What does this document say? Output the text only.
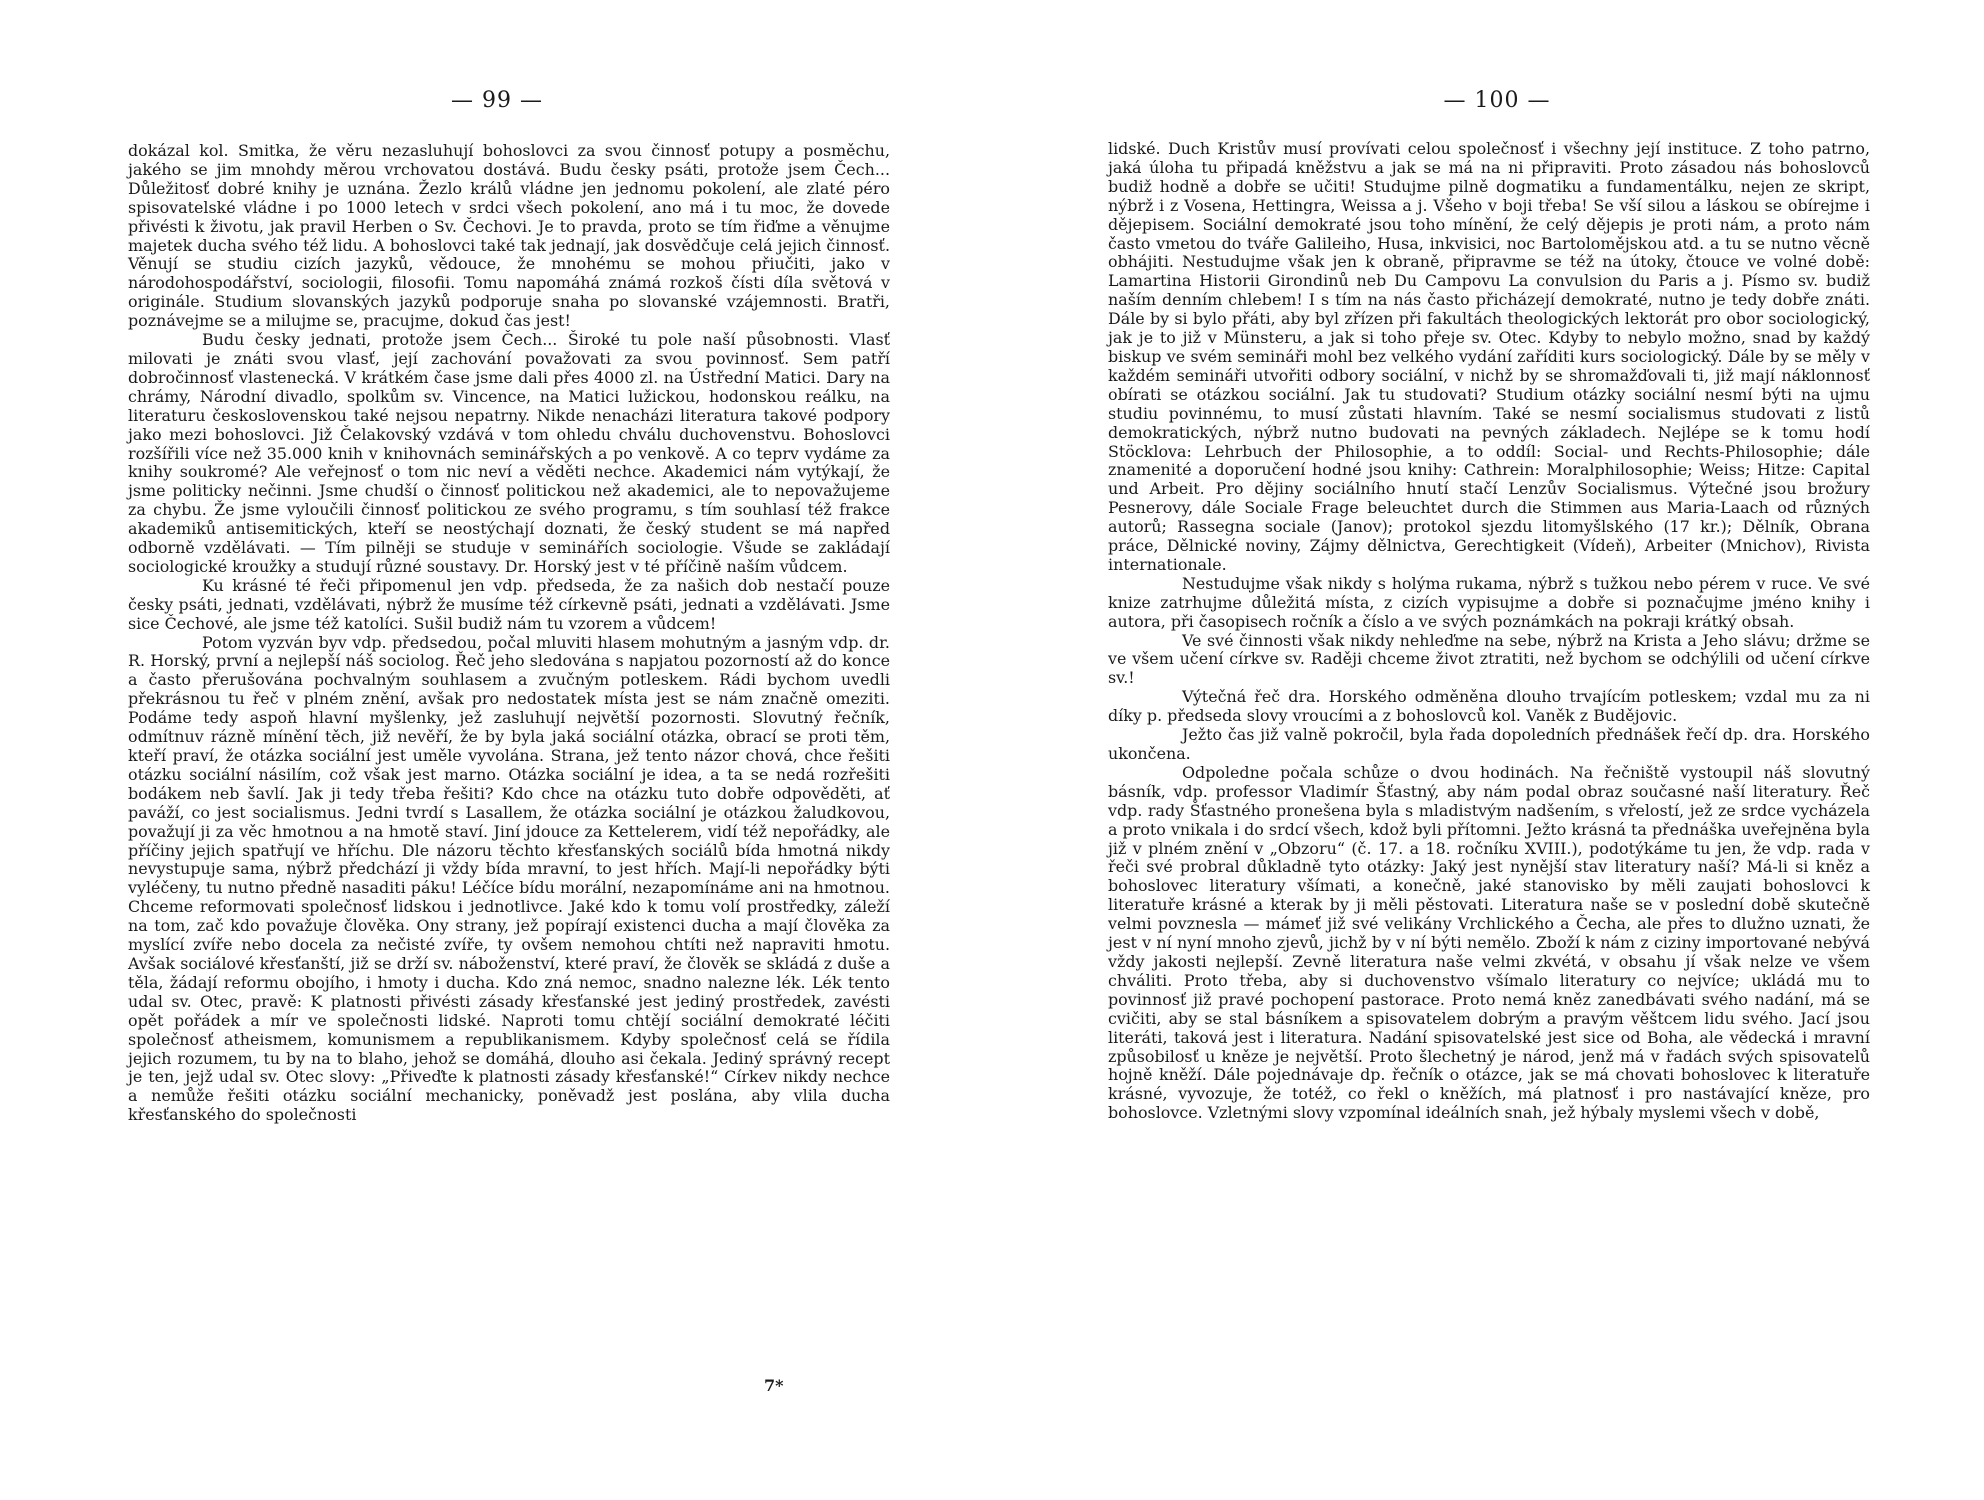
— 99 —

dokázal kol. Smitka, že věru nezasluhují bohoslovci za svou činnosť potupy a posměchu, jakého se jim mnohdy měrou vrchovatou dostává. Budu česky psáti, protože jsem Čech... Důležitosť dobré knihy je uznána. Žezlo králů vládne jen jednomu pokolení, ale zlaté péro spisovatelské vládne i po 1000 letech v srdci všech pokolení, ano má i tu moc, že dovede přivésti k životu, jak pravil Herben o Sv. Čechovi. Je to pravda, proto se tím řiďme a věnujme majetek ducha svého též lidu. A bohoslovci také tak jednají, jak dosvědčuje celá jejich činnosť. Věnují se studiu cizích jazyků, vědouce, že mnohému se mohou přiučiti, jako v národohospodářství, sociologii, filosofii. Tomu napomáhá známá rozkoš čísti díla světová v originále. Studium slovanských jazyků podporuje snaha po slovanské vzájemnosti. Bratři, poznávejme se a milujme se, pracujme, dokud čas jest!

Budu česky jednati, protože jsem Čech... Široké tu pole naší působnosti. Vlasť milovati je znáti svou vlasť, její zachování považovati za svou povinnosť. Sem patří dobročinnosť vlastenecká. V krátkém čase jsme dali přes 4000 zl. na Ústřední Matici. Dary na chrámy, Národní divadlo, spolkům sv. Vincence, na Matici lužickou, hodonskou reálku, na literaturu československou také nejsou nepatrny. Nikde nenacházi literatura takové podpory jako mezi bohoslovci. Již Čelakovský vzdává v tom ohledu chválu duchovenstvu. Bohoslovci rozšířili více než 35.000 knih v knihovnách seminářských a po venkově. A co teprv vydáme za knihy soukromé? Ale veřejnosť o tom nic neví a věděti nechce. Akademici nám vytýkají, že jsme politicky nečinni. Jsme chudší o činnosť politickou než akademici, ale to nepovažujeme za chybu. Že jsme vyloučili činnosť politickou ze svého programu, s tím souhlasí též frakce akademiků antisemitických, kteří se neostýchají doznati, že český student se má napřed odborně vzdělávati. — Tím pilněji se studuje v seminářích sociologie. Všude se zakládají sociologické kroužky a studují různé soustavy. Dr. Horský jest v té příčině naším vůdcem.

Ku krásné té řeči připomenul jen vdp. předseda, že za našich dob nestačí pouze česky psáti, jednati, vzdělávati, nýbrž že musíme též církevně psáti, jednati a vzdělávati. Jsme sice Čechové, ale jsme též katolíci. Sušil budiž nám tu vzorem a vůdcem!

Potom vyzván byv vdp. předsedou, počal mluviti hlasem mohutným a jasným vdp. dr. R. Horský, první a nejlepší náš sociolog. Řeč jeho sledována s napjatou pozorností až do konce a často přerušována pochvalným souhlasem a zvučným potleskem. Rádi bychom uvedli překrásnou tu řeč v plném znění, avšak pro nedostatek místa jest se nám značně omeziti. Podáme tedy aspoň hlavní myšlenky, jež zasluhují největší pozornosti. Slovutný řečník, odmítnuv rázně mínění těch, již nevěří, že by byla jaká sociální otázka, obrací se proti těm, kteří praví, že otázka sociální jest uměle vyvolána. Strana, jež tento názor chová, chce řešiti otázku sociální násilím, což však jest marno. Otázka sociální je idea, a ta se nedá rozřešiti bodákem neb šavlí. Jak ji tedy třeba řešiti? Kdo chce na otázku tuto dobře odpověděti, ať paváží, co jest socialismus. Jedni tvrdí s Lasallem, že otázka sociální je otázkou žaludkovou, považují ji za věc hmotnou a na hmotě staví. Jiní jdouce za Kettelerem, vidí též nepořádky, ale příčiny jejich spatřují ve hříchu. Dle názoru těchto křesťanských sociálů bída hmotná nikdy nevystupuje sama, nýbrž předchází ji vždy bída mravní, to jest hřích. Mají-li nepořádky býti vyléčeny, tu nutno předně nasaditi páku! Léčíce bídu morální, nezapomínáme ani na hmotnou. Chceme reformovati společnosť lidskou i jednotlivce. Jaké kdo k tomu volí prostředky, záleží na tom, zač kdo považuje člověka. Ony strany, jež popírají existenci ducha a mají člověka za myslící zvíře nebo docela za nečisté zvíře, ty ovšem nemohou chtíti než napraviti hmotu. Avšak sociálové křesťanští, již se drží sv. náboženství, které praví, že člověk se skládá z duše a těla, žádají reformu obojího, i hmoty i ducha. Kdo zná nemoc, snadno nalezne lék. Lék tento udal sv. Otec, pravě: K platnosti přivésti zásady křesťanské jest jediný prostředek, zavésti opět pořádek a mír ve společnosti lidské. Naproti tomu chtějí sociální demokraté léčiti společnosť atheismem, komunismem a republikanismem. Kdyby společnosť celá se řídila jejich rozumem, tu by na to blaho, jehož se domáhá, dlouho asi čekala. Jediný správný recept je ten, jejž udal sv. Otec slovy: „Přiveďte k platnosti zásady křesťanské!“ Církev nikdy nechce a nemůže řešiti otázku sociální mechanicky, poněvadž jest poslána, aby vlila ducha křesťanského do společnosti

7*
— 100 —

lidské. Duch Kristův musí provívati celou společnosť i všechny její instituce. Z toho patrno, jaká úloha tu připadá kněžstvu a jak se má na ni připraviti. Proto zásadou nás bohoslovců budiž hodně a dobře se učiti! Studujme pilně dogmatiku a fundamentálku, nejen ze skript, nýbrž i z Vosena, Hettingra, Weissa a j. Všeho v boji třeba! Se vší silou a láskou se obírejme i dějepisem. Sociální demokraté jsou toho mínění, že celý dějepis je proti nám, a proto nám často vmetou do tváře Galileiho, Husa, inkvisici, noc Bartolomějskou atd. a tu se nutno věcně obhájiti. Nestudujme však jen k obraně, připravme se též na útoky, čtouce ve volné době: Lamartina Historii Girondinů neb Du Campovu La convulsion du Paris a j. Písmo sv. budiž naším denním chlebem! I s tím na nás často přicházejí demokraté, nutno je tedy dobře znáti. Dále by si bylo přáti, aby byl zřízen při fakultách theologických lektorát pro obor sociologický, jak je to již v Münsteru, a jak si toho přeje sv. Otec. Kdyby to nebylo možno, snad by každý biskup ve svém semináři mohl bez velkého vydání zaříditi kurs sociologický. Dále by se měly v každém semináři utvořiti odbory sociální, v nichž by se shromažďovali ti, již mají náklonnosť obírati se otázkou sociální. Jak tu studovati? Studium otázky sociální nesmí býti na ujmu studiu povinnému, to musí zůstati hlavním. Také se nesmí socialismus studovati z listů demokratických, nýbrž nutno budovati na pevných základech. Nejlépe se k tomu hodí Stöcklova: Lehrbuch der Philosophie, a to oddíl: Social- und Rechts-Philosophie; dále znamenité a doporučení hodné jsou knihy: Cathrein: Moralphilosophie; Weiss; Hitze: Capital und Arbeit. Pro dějiny sociálního hnutí stačí Lenzův Socialismus. Výtečné jsou brožury Pesnerovy, dále Sociale Frage beleuchtet durch die Stimmen aus Maria-Laach od různých autorů; Rassegna sociale (Janov); protokol sjezdu litomyšlského (17 kr.); Dělník, Obrana práce, Dělnické noviny, Zájmy dělnictva, Gerechtigkeit (Vídeň), Arbeiter (Mnichov), Rivista internationale.

Nestudujme však nikdy s holýma rukama, nýbrž s tužkou nebo pérem v ruce. Ve své knize zatrhujme důležitá místa, z cizích vypisujme a dobře si poznačujme jméno knihy i autora, při časopisech ročník a číslo a ve svých poznámkách na pokraji krátký obsah.

Ve své činnosti však nikdy nehleďme na sebe, nýbrž na Krista a Jeho slávu; držme se ve všem učení církve sv. Raději chceme život ztratiti, než bychom se odchýlili od učení církve sv.!

Výtečná řeč dra. Horského odměněna dlouho trvajícím potleskem; vzdal mu za ni díky p. předseda slovy vroucími a z bohoslovců kol. Vaněk z Budějovic.

Ježto čas již valně pokročil, byla řada dopoledních přednášek řečí dp. dra. Horského ukončena.

Odpoledne počala schůze o dvou hodinách. Na řečniště vystoupil náš slovutný básník, vdp. professor Vladimír Šťastný, aby nám podal obraz současné naší literatury. Řeč vdp. rady Šťastného pronešena byla s mladistvým nadšením, s vřelostí, jež ze srdce vycházela a proto vnikala i do srdcí všech, kdož byli přítomni. Ježto krásná ta přednáška uveřejněna byla již v plném znění v „Obzoru“ (č. 17. a 18. ročníku XVIII.), podotýkáme tu jen, že vdp. rada v řeči své probral důkladně tyto otázky: Jaký jest nynější stav literatury naší? Má-li si kněz a bohoslovec literatury všímati, a konečně, jaké stanovisko by měli zaujati bohoslovci k literatuře krásné a kterak by ji měli pěstovati. Literatura naše se v poslední době skutečně velmi povznesla — mámeť již své velikány Vrchlického a Čecha, ale přes to dlužno uznati, že jest v ní nyní mnoho zjevů, jichž by v ní býti nemělo. Zboží k nám z ciziny importované nebývá vždy jakosti nejlepší. Zevně literatura naše velmi zkvétá, v obsahu jí však nelze ve všem chváliti. Proto třeba, aby si duchovenstvo všímalo literatury co nejvíce; ukládá mu to povinnosť již pravé pochopení pastorace. Proto nemá kněz zanedbávati svého nadání, má se cvičiti, aby se stal básníkem a spisovatelem dobrým a pravým věštcem lidu svého. Jací jsou literáti, taková jest i literatura. Nadání spisovatelské jest sice od Boha, ale vědecká i mravní způsobilosť u kněze je největší. Proto šlechetný je národ, jenž má v řadách svých spisovatelů hojně kněží. Dále pojednávaje dp. řečník o otázce, jak se má chovati bohoslovec k literatuře krásné, vyvozuje, že totéž, co řekl o kněžích, má platnosť i pro nastávající kněze, pro bohoslovce. Vzletnými slovy vzpomínal ideálních snah, jež hýbaly myslemi všech v době,
